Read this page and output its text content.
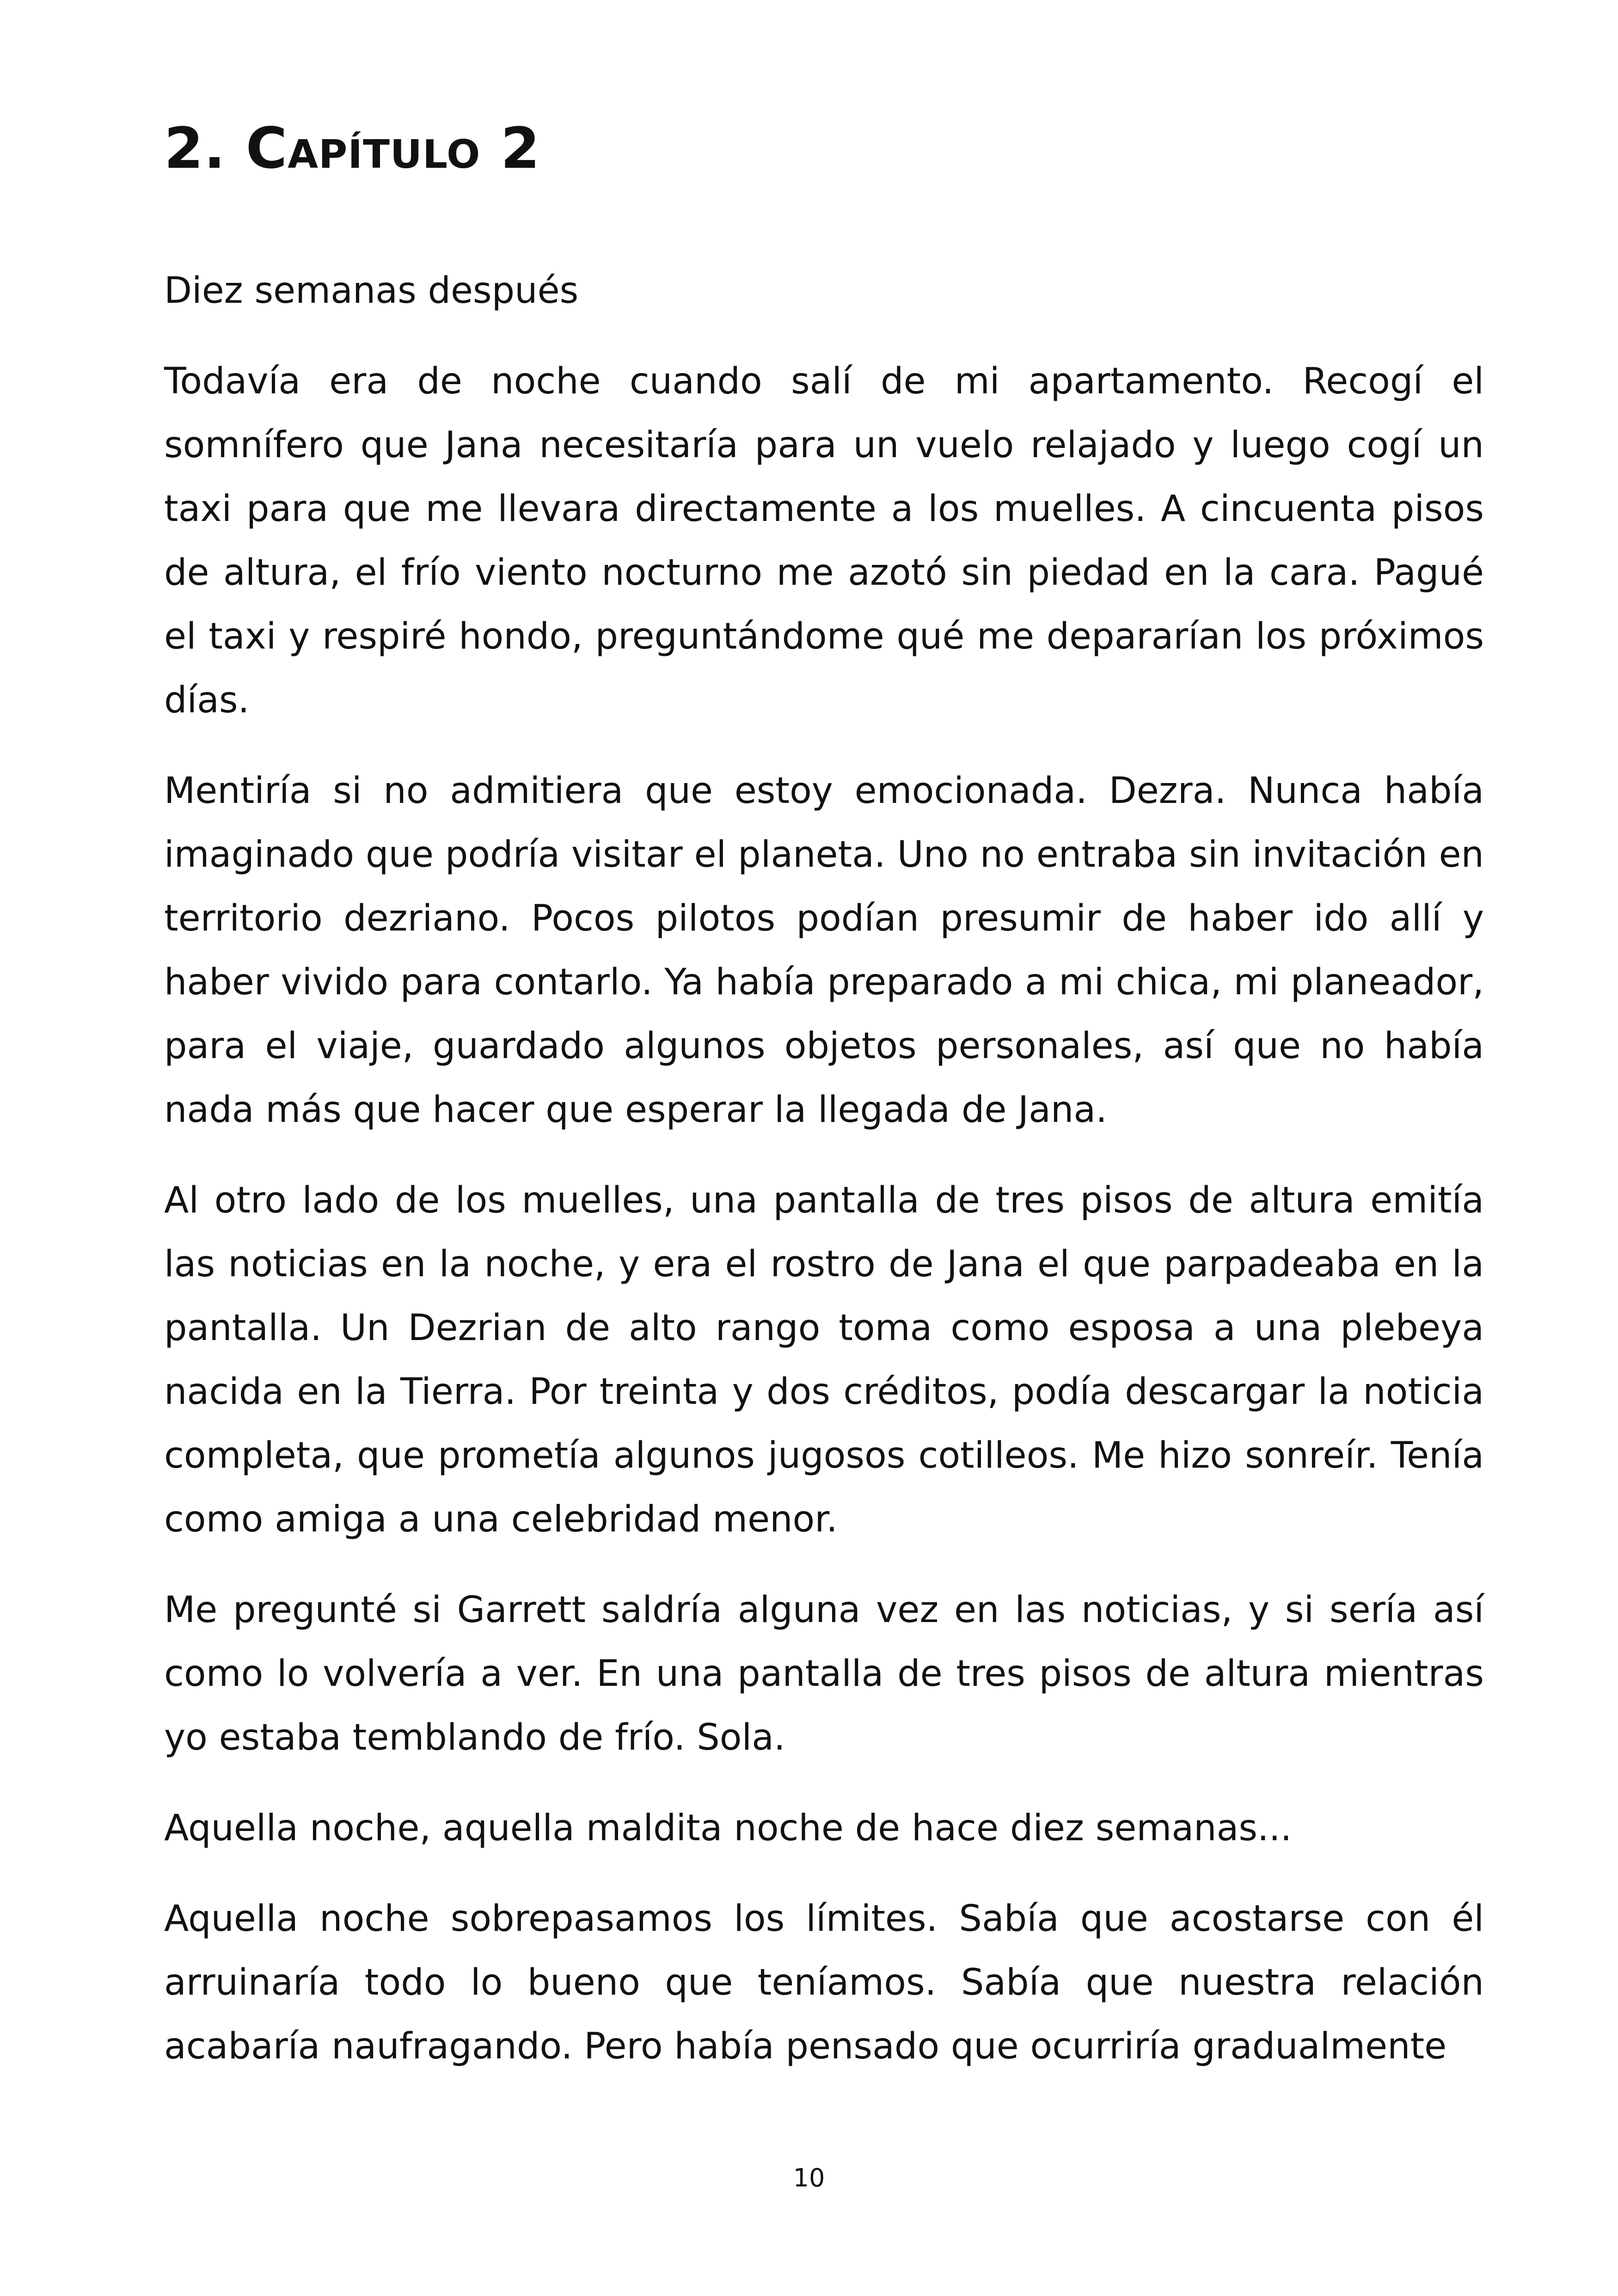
2. Capítulo 2

Diez semanas después

Todavía era de noche cuando salí de mi apartamento. Recogí el somnífero que Jana necesitaría para un vuelo relajado y luego cogí un taxi para que me llevara directamente a los muelles. A cincuenta pisos de altura, el frío viento nocturno me azotó sin piedad en la cara. Pagué el taxi y respiré hondo, preguntándome qué me depararían los próximos días.

Mentiría si no admitiera que estoy emocionada. Dezra. Nunca había imaginado que podría visitar el planeta. Uno no entraba sin invitación en territorio dezriano. Pocos pilotos podían presumir de haber ido allí y haber vivido para contarlo. Ya había preparado a mi chica, mi planeador, para el viaje, guardado algunos objetos personales, así que no había nada más que hacer que esperar la llegada de Jana.

Al otro lado de los muelles, una pantalla de tres pisos de altura emitía las noticias en la noche, y era el rostro de Jana el que parpadeaba en la pantalla. Un Dezrian de alto rango toma como esposa a una plebeya nacida en la Tierra. Por treinta y dos créditos, podía descargar la noticia completa, que prometía algunos jugosos cotilleos. Me hizo sonreír. Tenía como amiga a una celebridad menor.

Me pregunté si Garrett saldría alguna vez en las noticias, y si sería así como lo volvería a ver. En una pantalla de tres pisos de altura mientras yo estaba temblando de frío. Sola.

Aquella noche, aquella maldita noche de hace diez semanas...

Aquella noche sobrepasamos los límites. Sabía que acostarse con él arruinaría todo lo bueno que teníamos. Sabía que nuestra relación acabaría naufragando. Pero había pensado que ocurriría gradualmente

10
